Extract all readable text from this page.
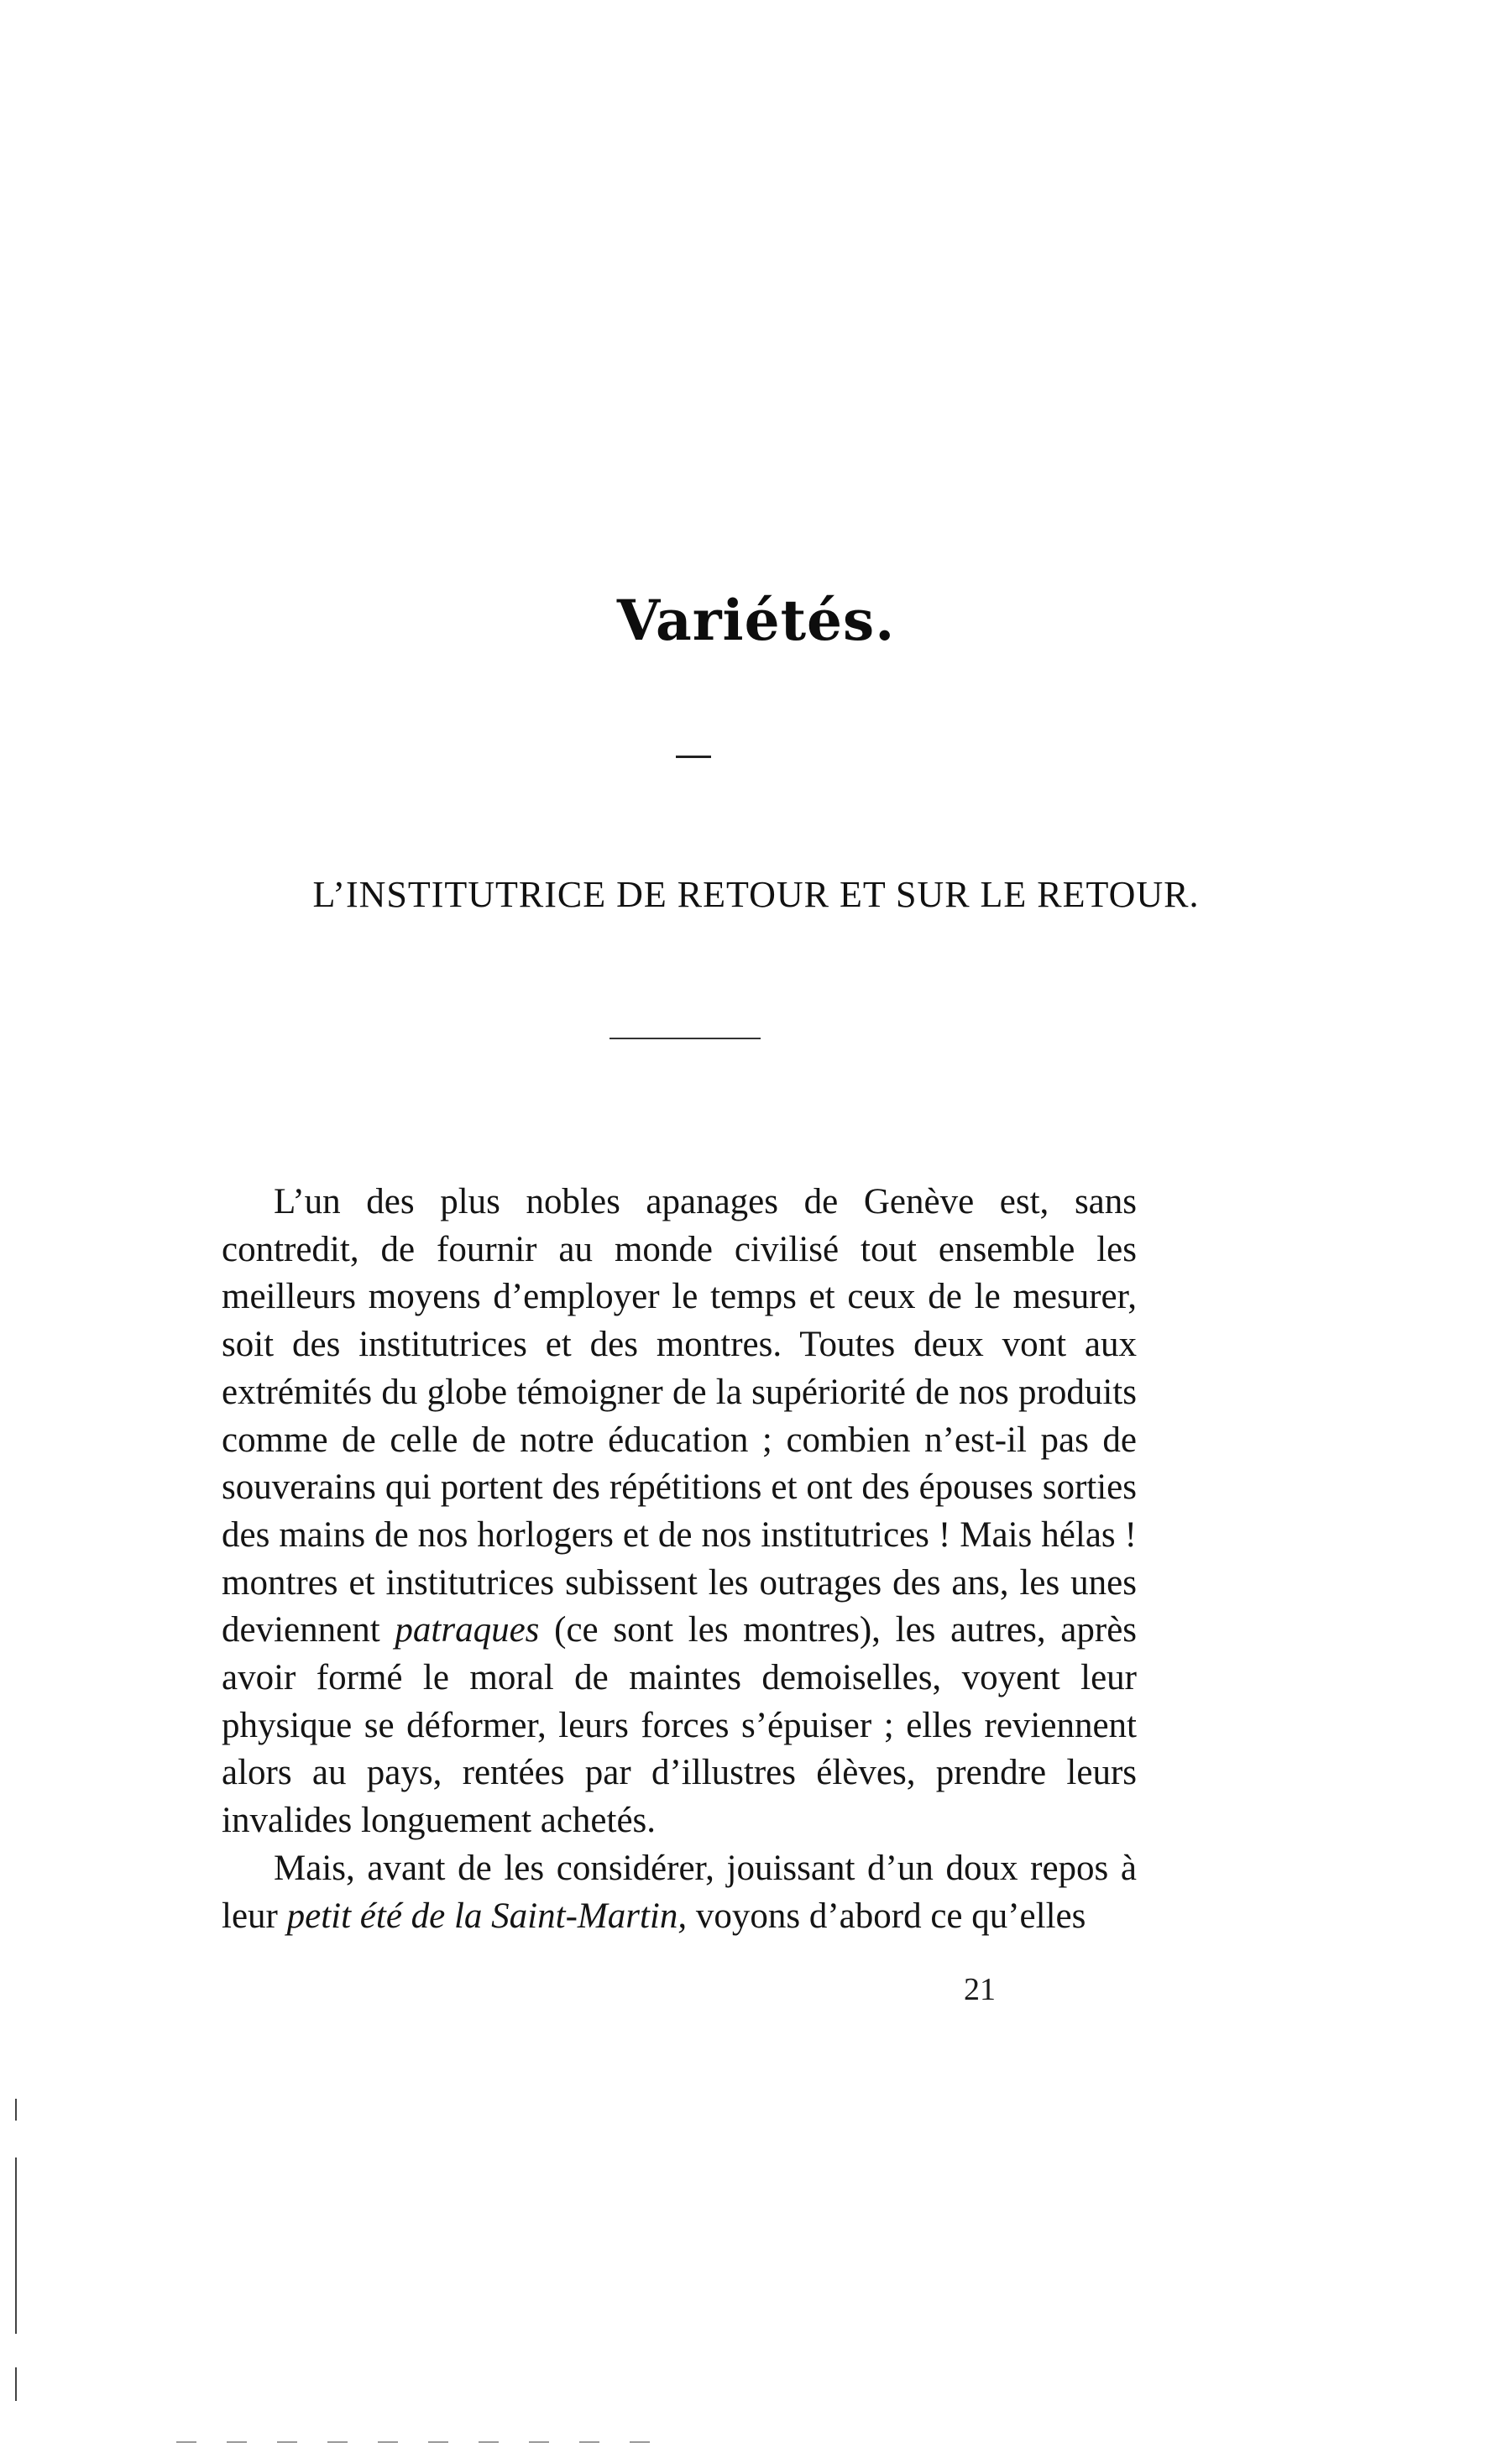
Variétés.
L’INSTITUTRICE DE RETOUR ET SUR LE RETOUR.

L’un des plus nobles apanages de Genève est, sans contredit, de fournir au monde civilisé tout ensemble les meilleurs moyens d’employer le temps et ceux de le mesurer, soit des institutrices et des montres. Toutes deux vont aux extrémités du globe témoigner de la supériorité de nos produits comme de celle de notre éducation ; combien n’est-il pas de souverains qui portent des répétitions et ont des épouses sorties des mains de nos horlogers et de nos institutrices ! Mais hélas ! montres et institutrices subissent les outrages des ans, les unes deviennent patraques (ce sont les montres), les autres, après avoir formé le moral de maintes demoiselles, voyent leur physique se déformer, leurs forces s’épuiser ; elles reviennent alors au pays, rentées par d’illustres élèves, prendre leurs invalides longuement achetés.

Mais, avant de les considérer, jouissant d’un doux repos à leur petit été de la Saint-Martin, voyons d’abord ce qu’elles

21
